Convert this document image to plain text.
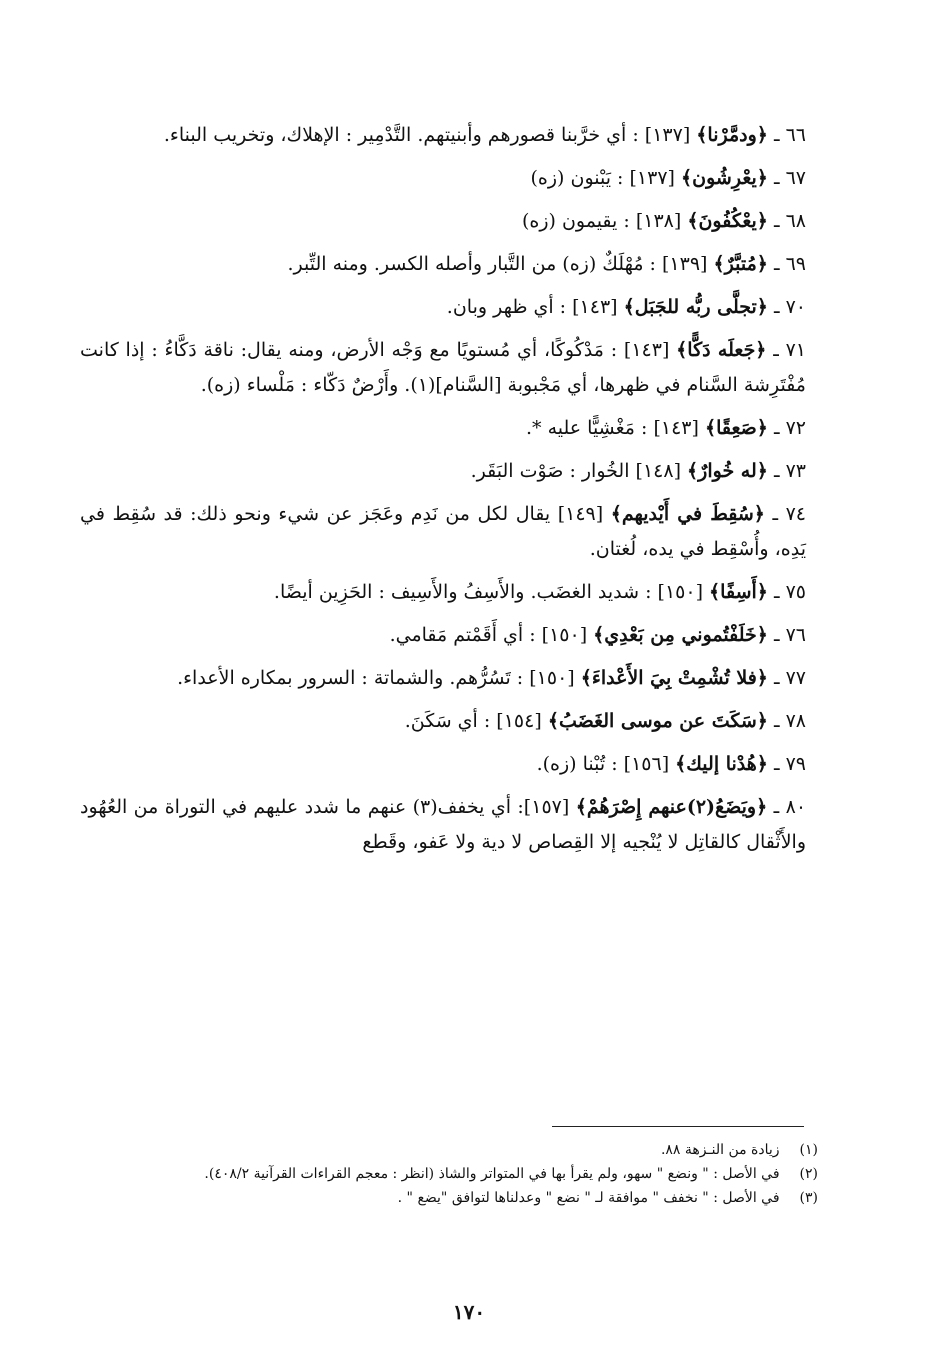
٦٦ ـ ﴿ودمَّرْنا﴾ [١٣٧] : أي خرَّبنا قصورهم وأبنيتهم. التَّدْمِير : الإهلاك، وتخريب البناء.

٦٧ ـ ﴿يعْرِشُون﴾ [١٣٧] : يَبْنون (زه)

٦٨ ـ ﴿يعْكُفُونَ﴾ [١٣٨] : يقيمون (زه)

٦٩ ـ ﴿مُتبَّرٌ﴾ [١٣٩] : مُهْلَكٌ (زه) من التَّبار وأصله الكسر. ومنه التِّبر.

٧٠ ـ ﴿تجلَّى ربُّه للجَبَل﴾ [١٤٣] : أي ظهر وبان.

٧١ ـ ﴿جَعلَه دَكًّا﴾ [١٤٣] : مَدْكُوكًا، أي مُستويًا مع وَجْه الأرض، ومنه يقال: ناقة دَكَّاءُ : إذا كانت مُفْتَرِشة السَّنام في ظهرها، أي مَجْبوبة [السَّنام](١). وأَرْضٌ دَكّاء : مَلْساء (زه).

٧٢ ـ ﴿صَعِقًا﴾ [١٤٣] : مَغْشِيًّا عليه *.

٧٣ ـ ﴿له خُوارٌ﴾ [١٤٨] الخُوار : صَوْت البَقَر.

٧٤ ـ ﴿سُقِطَ في أَيْديهم﴾ [١٤٩] يقال لكل من نَدِم وعَجَز عن شيء ونحو ذلك: قد سُقِط في يَدِه، وأُسْقِط في يده، لُغتان.

٧٥ ـ ﴿أَسِفًا﴾ [١٥٠] : شديد الغضَب. والأَسِفُ والأَسِيف : الحَزِين أيضًا.

٧٦ ـ ﴿خَلَفْتُموني مِن بَعْدِي﴾ [١٥٠] : أي أَقَمْتم مَقامي.

٧٧ ـ ﴿فلا تُشْمِتْ بِيَ الأَعْداءَ﴾ [١٥٠] : تَسُرُّهم. والشماتة : السرور بمكاره الأعداء.

٧٨ ـ ﴿سَكَتَ عن موسى الغَضَبُ﴾ [١٥٤] : أي سَكَنَ.

٧٩ ـ ﴿هُدْنا إليك﴾ [١٥٦] : تُبْنا (زه).

٨٠ ـ ﴿ويَضَعُ(٢)عنهم إِصْرَهُمْ﴾ [١٥٧]: أي يخفف(٣) عنهم ما شدد عليهم في التوراة من العُهُود والأَثْقال كالقاتِل لا يُنْجيه إلا القِصاص لا دية ولا عَفو، وقَطع

(١) زيادة من النـزهة ٨٨.

(٢) في الأصل : " ونضع " سهو، ولم يقرأ بها في المتواتر والشاذ (انظر : معجم القراءات القرآنية ٤٠٨/٢).

(٣) في الأصل : " نخفف " موافقة لـ " نضع " وعدلناها لتوافق "يضع " .

١٧٠
